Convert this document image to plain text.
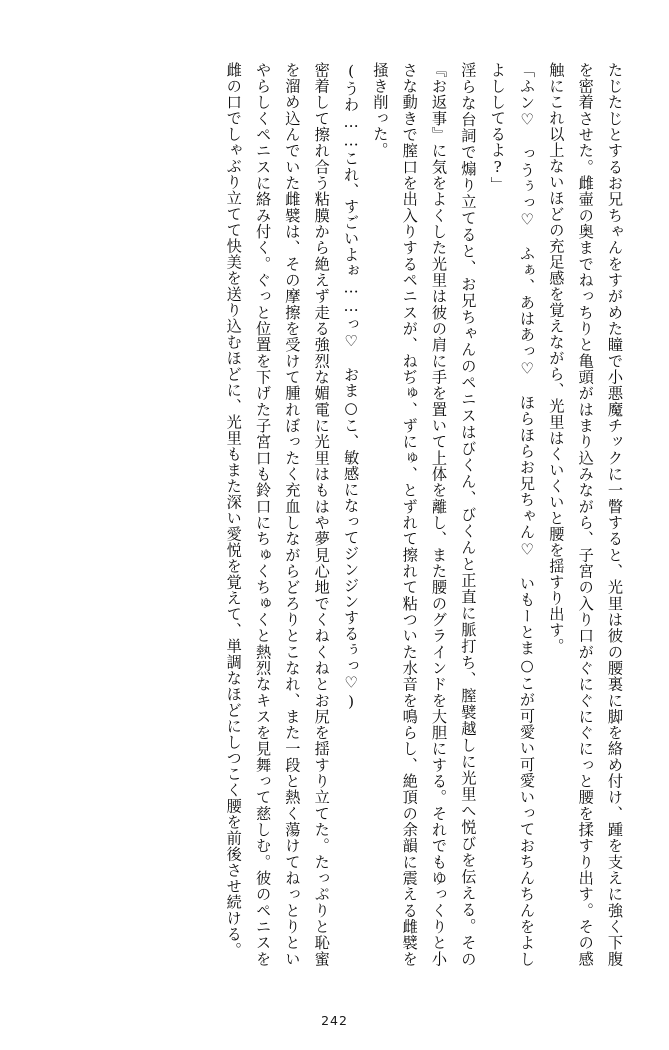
たじたじとするお兄ちゃんをすがめた瞳で小悪魔チックに一瞥すると、光里は彼の腰裏に脚を絡め付け、踵を支えに強く下腹を密着させた。雌壷の奥までねっちりと亀頭がはまり込みながら、子宮の入り口がぐにぐにぐにっと腰を揉すり出す。その感触にこれ以上ないほどの充足感を覚えながら、光里はくいくいと腰を揺すり出す。

「ふン♡　っうぅっ♡　ふぁ、あはあっ♡　ほらほらお兄ちゃん♡　いもーとま○こが可愛い可愛いっておちんちんをよしよししてるよ?」

淫らな台詞で煽り立てると、お兄ちゃんのペニスはびくん、びくんと正直に脈打ち、膣襞越しに光里へ悦びを伝える。その『お返事』に気をよくした光里は彼の肩に手を置いて上体を離し、また腰のグラインドを大胆にする。それでもゆっくりと小さな動きで膣口を出入りするペニスが、ねぢゅ、ずにゅ、とずれて擦れて粘ついた水音を鳴らし、絶頂の余韻に震える雌襞を掻き削った。

(うわ……これ、すごいよぉ……っ♡　おま○こ、敏感になってジンジンするぅっ♡)

密着して擦れ合う粘膜から絶えず走る強烈な媚電に光里はもはや夢見心地でくねくねとお尻を揺すり立てた。たっぷりと恥蜜を溜め込んでいた雌襞は、その摩擦を受けて腫れぼったく充血しながらどろりとこなれ、また一段と熱く蕩けてねっとりといやらしくペニスに絡み付く。ぐっと位置を下げた子宮口も鈴口にちゅくちゅくと熱烈なキスを見舞って慈しむ。彼のペニスを雌の口でしゃぶり立てて快美を送り込むほどに、光里もまた深い愛悦を覚えて、単調なほどにしつこく腰を前後させ続ける。

242
